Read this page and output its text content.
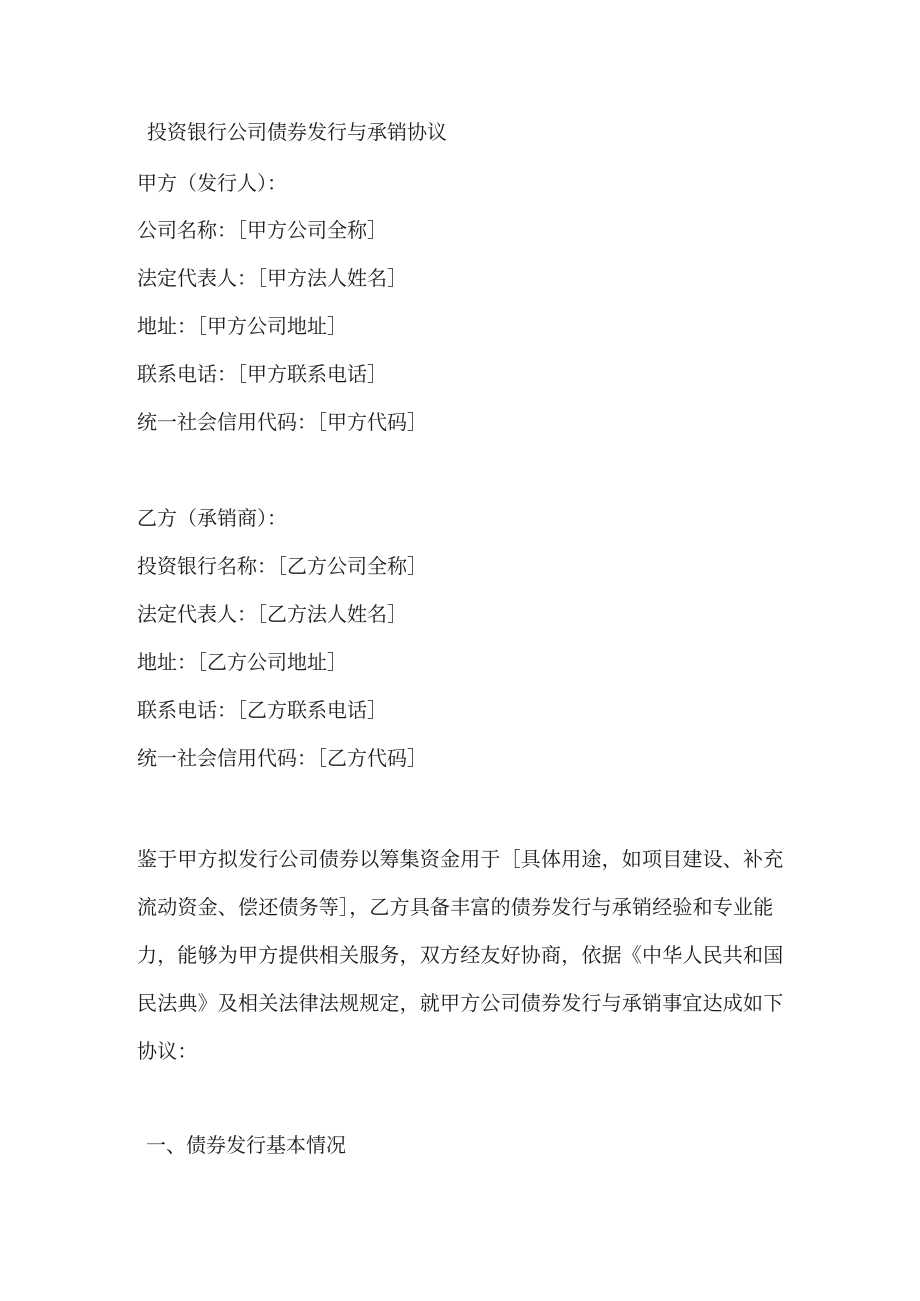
投资银行公司债券发行与承销协议
甲方（发行人）：
公司名称：［甲方公司全称］
法定代表人：［甲方法人姓名］
地址：［甲方公司地址］
联系电话：［甲方联系电话］
统一社会信用代码：［甲方代码］
乙方（承销商）：
投资银行名称：［乙方公司全称］
法定代表人：［乙方法人姓名］
地址：［乙方公司地址］
联系电话：［乙方联系电话］
统一社会信用代码：［乙方代码］
鉴于甲方拟发行公司债券以筹集资金用于［具体用途，如项目建设、补充流动资金、偿还债务等］，乙方具备丰富的债券发行与承销经验和专业能力，能够为甲方提供相关服务，双方经友好协商，依据《中华人民共和国民法典》及相关法律法规规定，就甲方公司债券发行与承销事宜达成如下协议：
一、债券发行基本情况
